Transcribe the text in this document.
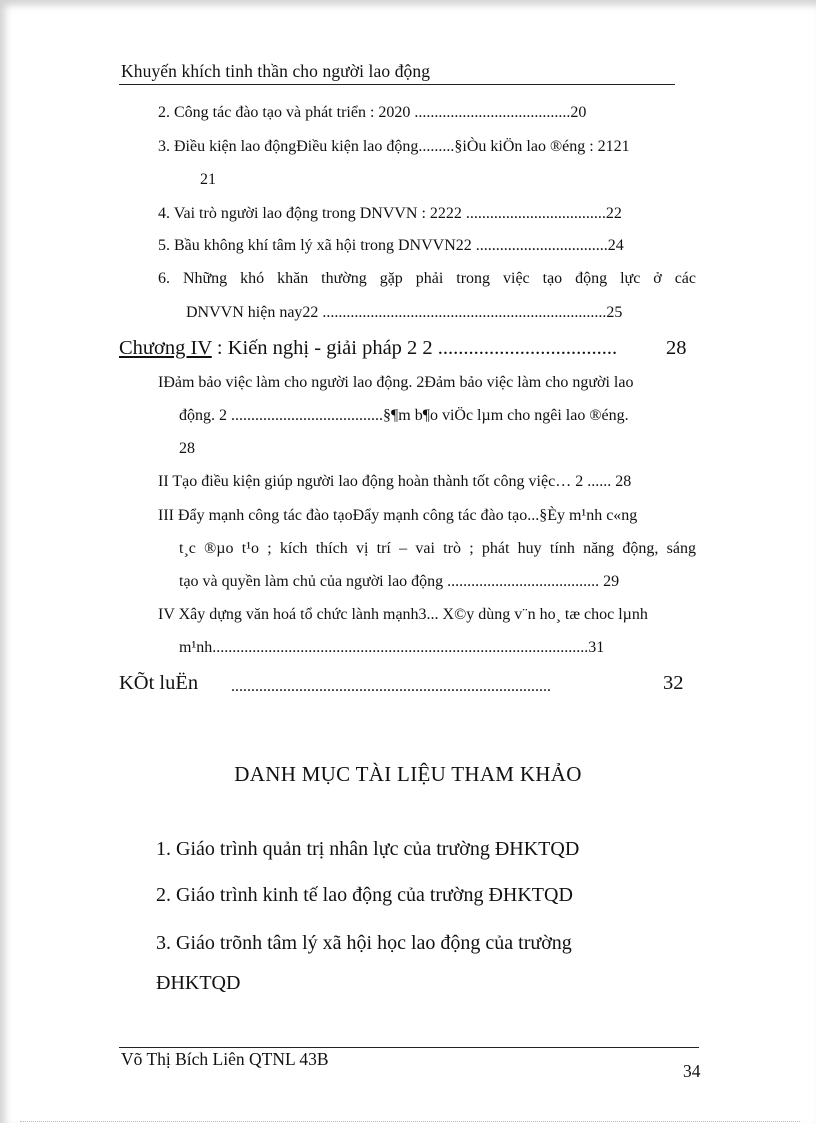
Khuyến khích tinh thần cho người lao động
2. Công tác đào tạo và phát triển : 2020 .......................................20
3. Điều kiện lao độngĐiều kiện lao động.........§iÒu kiÖn lao ®éng : 2121
21
4. Vai trò người lao động trong DNVVN : 2222 ...................................22
5. Bầu không khí tâm lý xã hội trong DNVVN22 .................................24
6. Những khó khăn thường gặp phải trong việc tạo động lực ở các
DNVVN hiện nay22 .......................................................................25
Chương IV : Kiến nghị - giải pháp 2 2 ................................... 28
IĐảm bảo việc làm cho người lao động. 2Đảm bảo việc làm cho người lao
động. 2 ......................................§¶m b¶o viÖc lµm cho ngêi lao ®éng.
28
II Tạo điều kiện giúp người lao động hoàn thành tốt công việc… 2 ...... 28
III Đẩy mạnh công tác đào tạoĐẩy mạnh công tác đào tạo...§Èy m¹nh c«ng
t¸c ®µo t¹o ; kích thích vị trí – vai trò ; phát huy tính năng động, sáng
tạo và quyền làm chủ của người lao động ...................................... 29
IV Xây dựng văn hoá tổ chức lành mạnh3... X©y dùng v¨n ho¸ tæ choc lµnh
m¹nh..............................................................................................31
KÕt luËn ................................................................................	32
DANH MỤC TÀI LIỆU THAM KHẢO
1. Giáo trình quản trị nhân lực của trường ĐHKTQD
2. Giáo trình kinh tế lao động của trường ĐHKTQD
3. Giáo trõnh tâm lý xã hội học lao động của trường
ĐHKTQD
Võ Thị Bích Liên QTNL 43B
34
